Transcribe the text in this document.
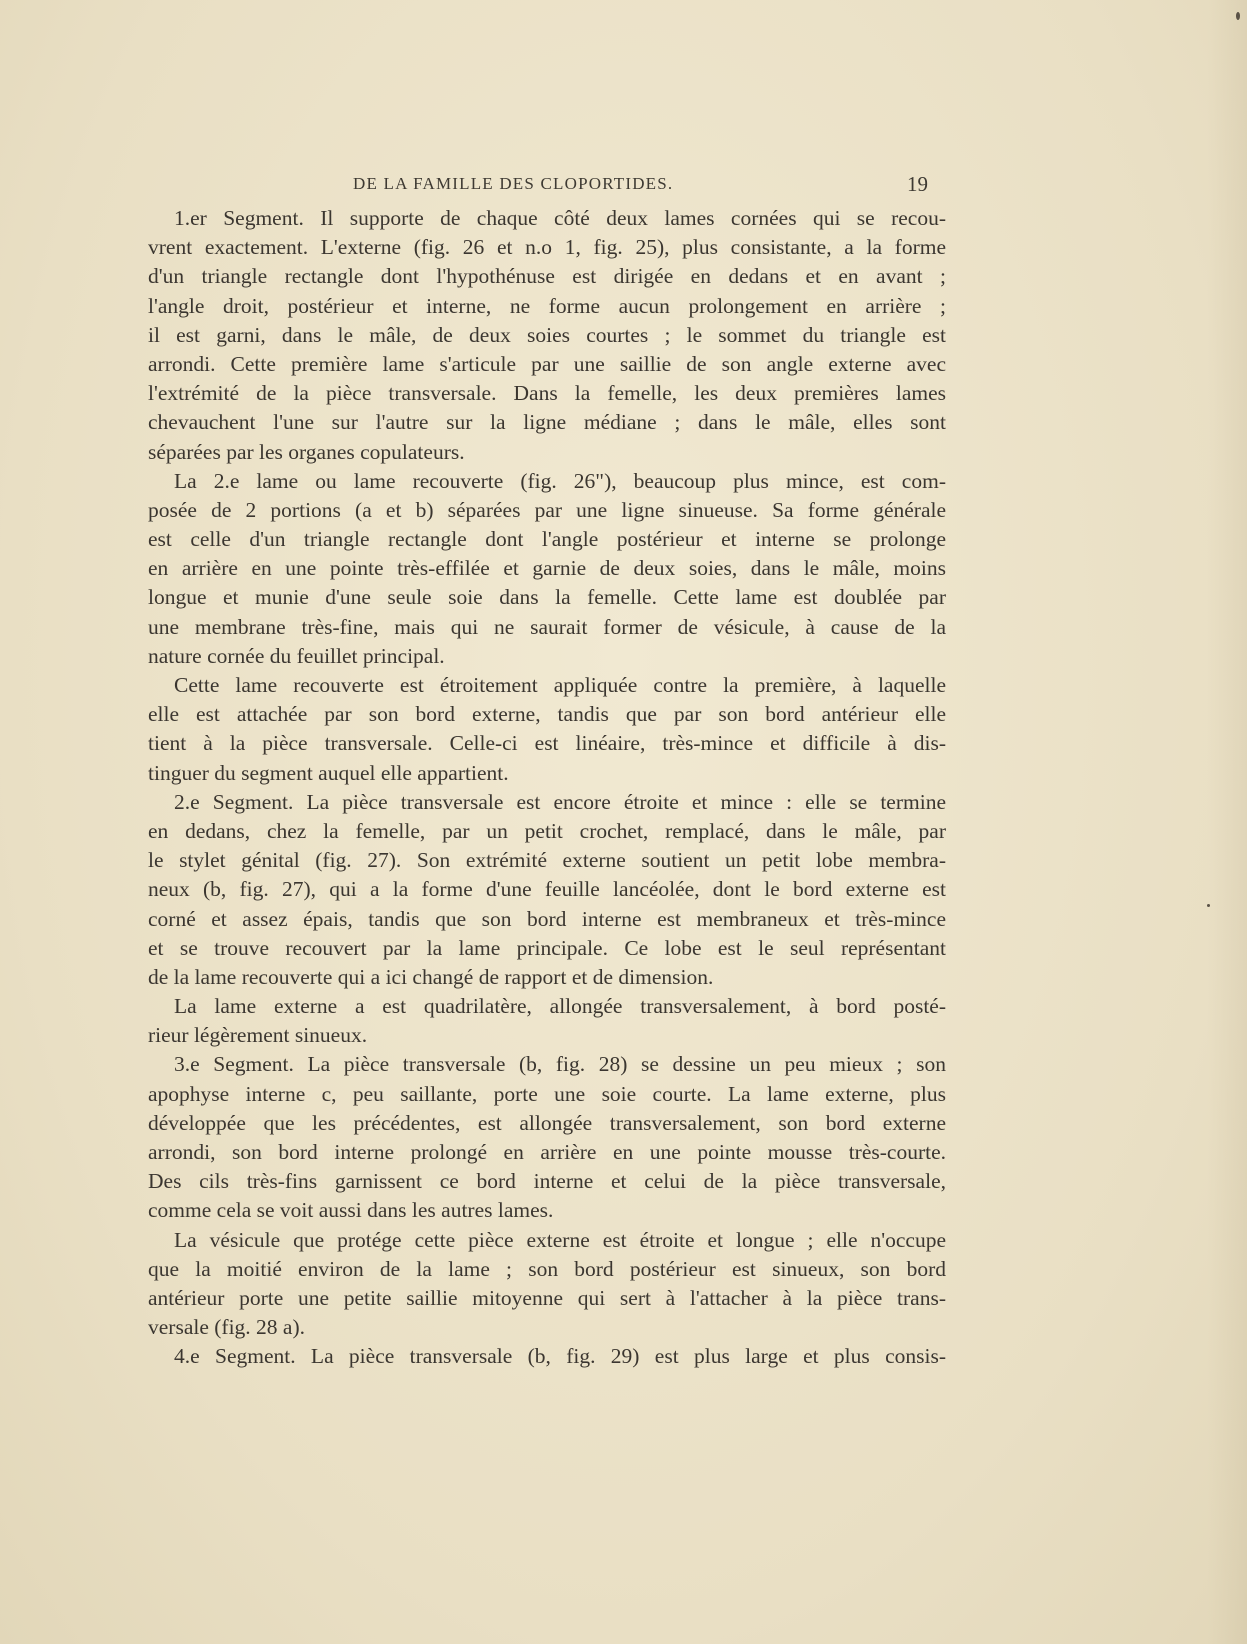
DE LA FAMILLE DES CLOPORTIDES.	19
1.er Segment. Il supporte de chaque côté deux lames cornées qui se recou-
vrent exactement. L'externe (fig. 26 et n.o 1, fig. 25), plus consistante, a la forme
d'un triangle rectangle dont l'hypothénuse est dirigée en dedans et en avant ;
l'angle droit, postérieur et interne, ne forme aucun prolongement en arrière ;
il est garni, dans le mâle, de deux soies courtes ; le sommet du triangle est
arrondi. Cette première lame s'articule par une saillie de son angle externe avec
l'extrémité de la pièce transversale. Dans la femelle, les deux premières lames
chevauchent l'une sur l'autre sur la ligne médiane ; dans le mâle, elles sont
séparées par les organes copulateurs.
La 2.e lame ou lame recouverte (fig. 26"), beaucoup plus mince, est com-
posée de 2 portions (a et b) séparées par une ligne sinueuse. Sa forme générale
est celle d'un triangle rectangle dont l'angle postérieur et interne se prolonge
en arrière en une pointe très-effilée et garnie de deux soies, dans le mâle, moins
longue et munie d'une seule soie dans la femelle. Cette lame est doublée par
une membrane très-fine, mais qui ne saurait former de vésicule, à cause de la
nature cornée du feuillet principal.
Cette lame recouverte est étroitement appliquée contre la première, à laquelle
elle est attachée par son bord externe, tandis que par son bord antérieur elle
tient à la pièce transversale. Celle-ci est linéaire, très-mince et difficile à dis-
tinguer du segment auquel elle appartient.
2.e Segment. La pièce transversale est encore étroite et mince : elle se termine
en dedans, chez la femelle, par un petit crochet, remplacé, dans le mâle, par
le stylet génital (fig. 27). Son extrémité externe soutient un petit lobe membra-
neux (b, fig. 27), qui a la forme d'une feuille lancéolée, dont le bord externe est
corné et assez épais, tandis que son bord interne est membraneux et très-mince
et se trouve recouvert par la lame principale. Ce lobe est le seul représentant
de la lame recouverte qui a ici changé de rapport et de dimension.
La lame externe a est quadrilatère, allongée transversalement, à bord posté-
rieur légèrement sinueux.
3.e Segment. La pièce transversale (b, fig. 28) se dessine un peu mieux ; son
apophyse interne c, peu saillante, porte une soie courte. La lame externe, plus
développée que les précédentes, est allongée transversalement, son bord externe
arrondi, son bord interne prolongé en arrière en une pointe mousse très-courte.
Des cils très-fins garnissent ce bord interne et celui de la pièce transversale,
comme cela se voit aussi dans les autres lames.
La vésicule que protége cette pièce externe est étroite et longue ; elle n'occupe
que la moitié environ de la lame ; son bord postérieur est sinueux, son bord
antérieur porte une petite saillie mitoyenne qui sert à l'attacher à la pièce trans-
versale (fig. 28 a).
4.e Segment. La pièce transversale (b, fig. 29) est plus large et plus consis-
